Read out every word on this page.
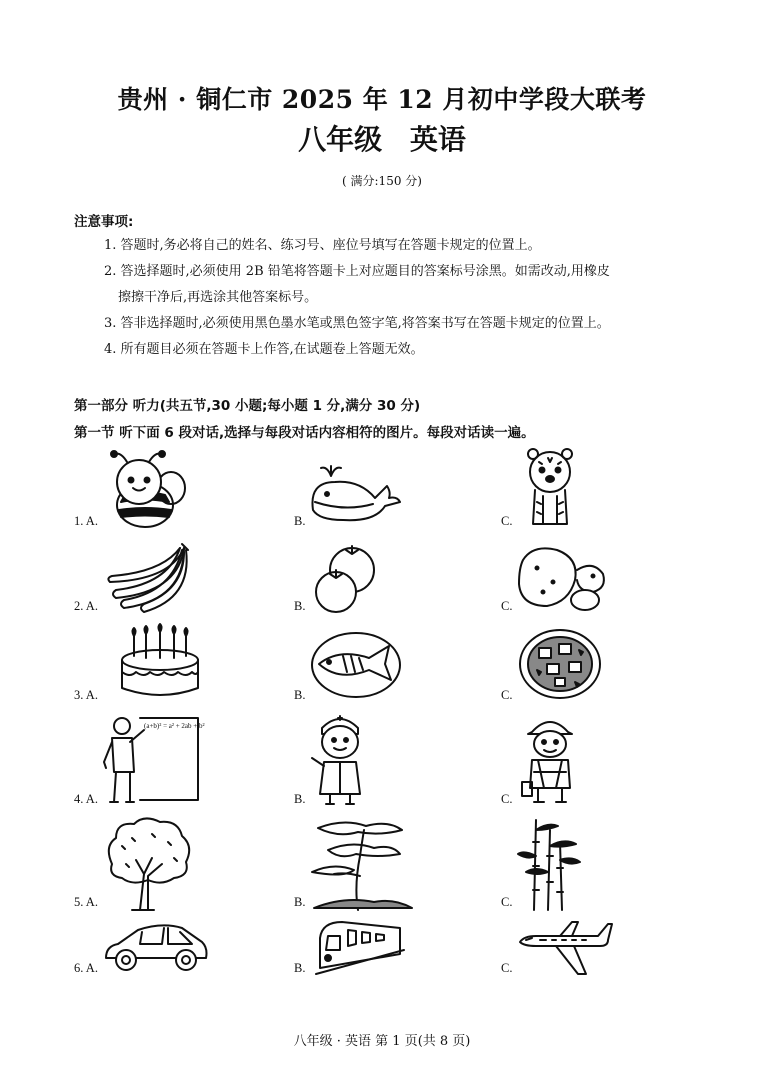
贵州 · 铜仁市 2025 年 12 月初中学段大联考
八年级 英语
( 满分:150 分)
注意事项:
1. 答题时,务必将自己的姓名、练习号、座位号填写在答题卡规定的位置上。
2. 答选择题时,必须使用 2B 铅笔将答题卡上对应题目的答案标号涂黑。如需改动,用橡皮
擦擦干净后,再选涂其他答案标号。
3. 答非选择题时,必须使用黑色墨水笔或黑色签字笔,将答案书写在答题卡规定的位置上。
4. 所有题目必须在答题卡上作答,在试题卷上答题无效。
第一部分 听力(共五节,30 小题;每小题 1 分,满分 30 分)
第一节 听下面 6 段对话,选择与每段对话内容相符的图片。每段对话读一遍。
1. A.	B.	C.
2. A.	B.	C.
3. A.	B.	C.
4. A.	B.	C.
(a+b)² = a² + 2ab + b²
5. A.	B.	C.
6. A.	B.	C.
八年级 · 英语 第 1 页(共 8 页)
